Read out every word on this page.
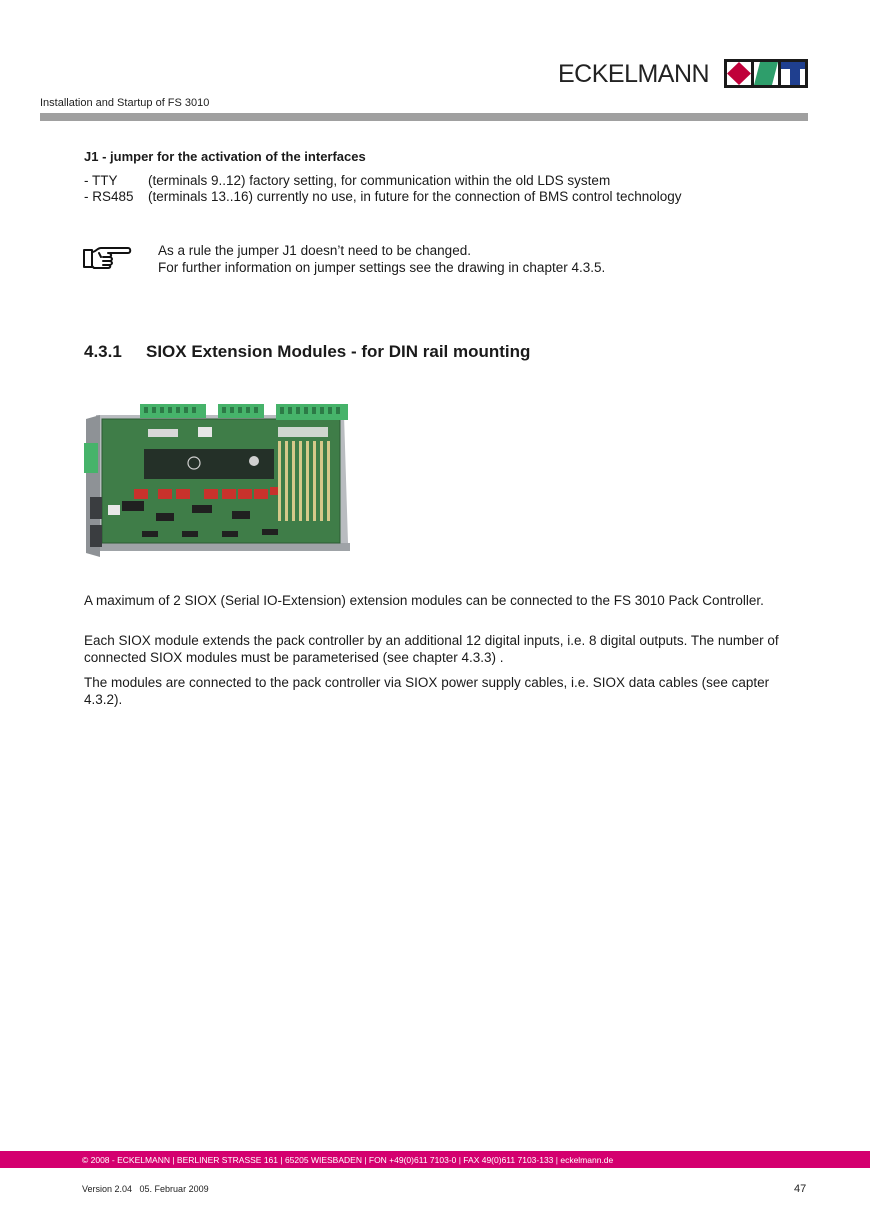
ECKELMANN
Installation and Startup of FS 3010
J1 - jumper for the activation of the interfaces
- TTY (terminals 9..12) factory setting, for communication within the old LDS system
- RS485 (terminals 13..16) currently no use, in future for the connection of BMS control technology
As a rule the jumper J1 doesn’t need to be changed.
For further information on jumper settings see the drawing in chapter 4.3.5.
4.3.1 SIOX Extension Modules - for DIN rail mounting
A maximum of 2 SIOX (Serial IO-Extension) extension modules can be connected to the FS 3010 Pack Controller.
Each SIOX module extends the pack controller by an additional 12 digital inputs, i.e. 8 digital outputs. The number of connected SIOX modules must be parameterised (see chapter 4.3.3) .
The modules are connected to the pack controller via SIOX power supply cables, i.e. SIOX data cables (see capter 4.3.2).
© 2008 - ECKELMANN | BERLINER STRASSE 161 | 65205 WIESBADEN | FON +49(0)611 7103-0 | FAX 49(0)611 7103-133 | eckelmann.de
Version 2.04   05. Februar 2009	47
